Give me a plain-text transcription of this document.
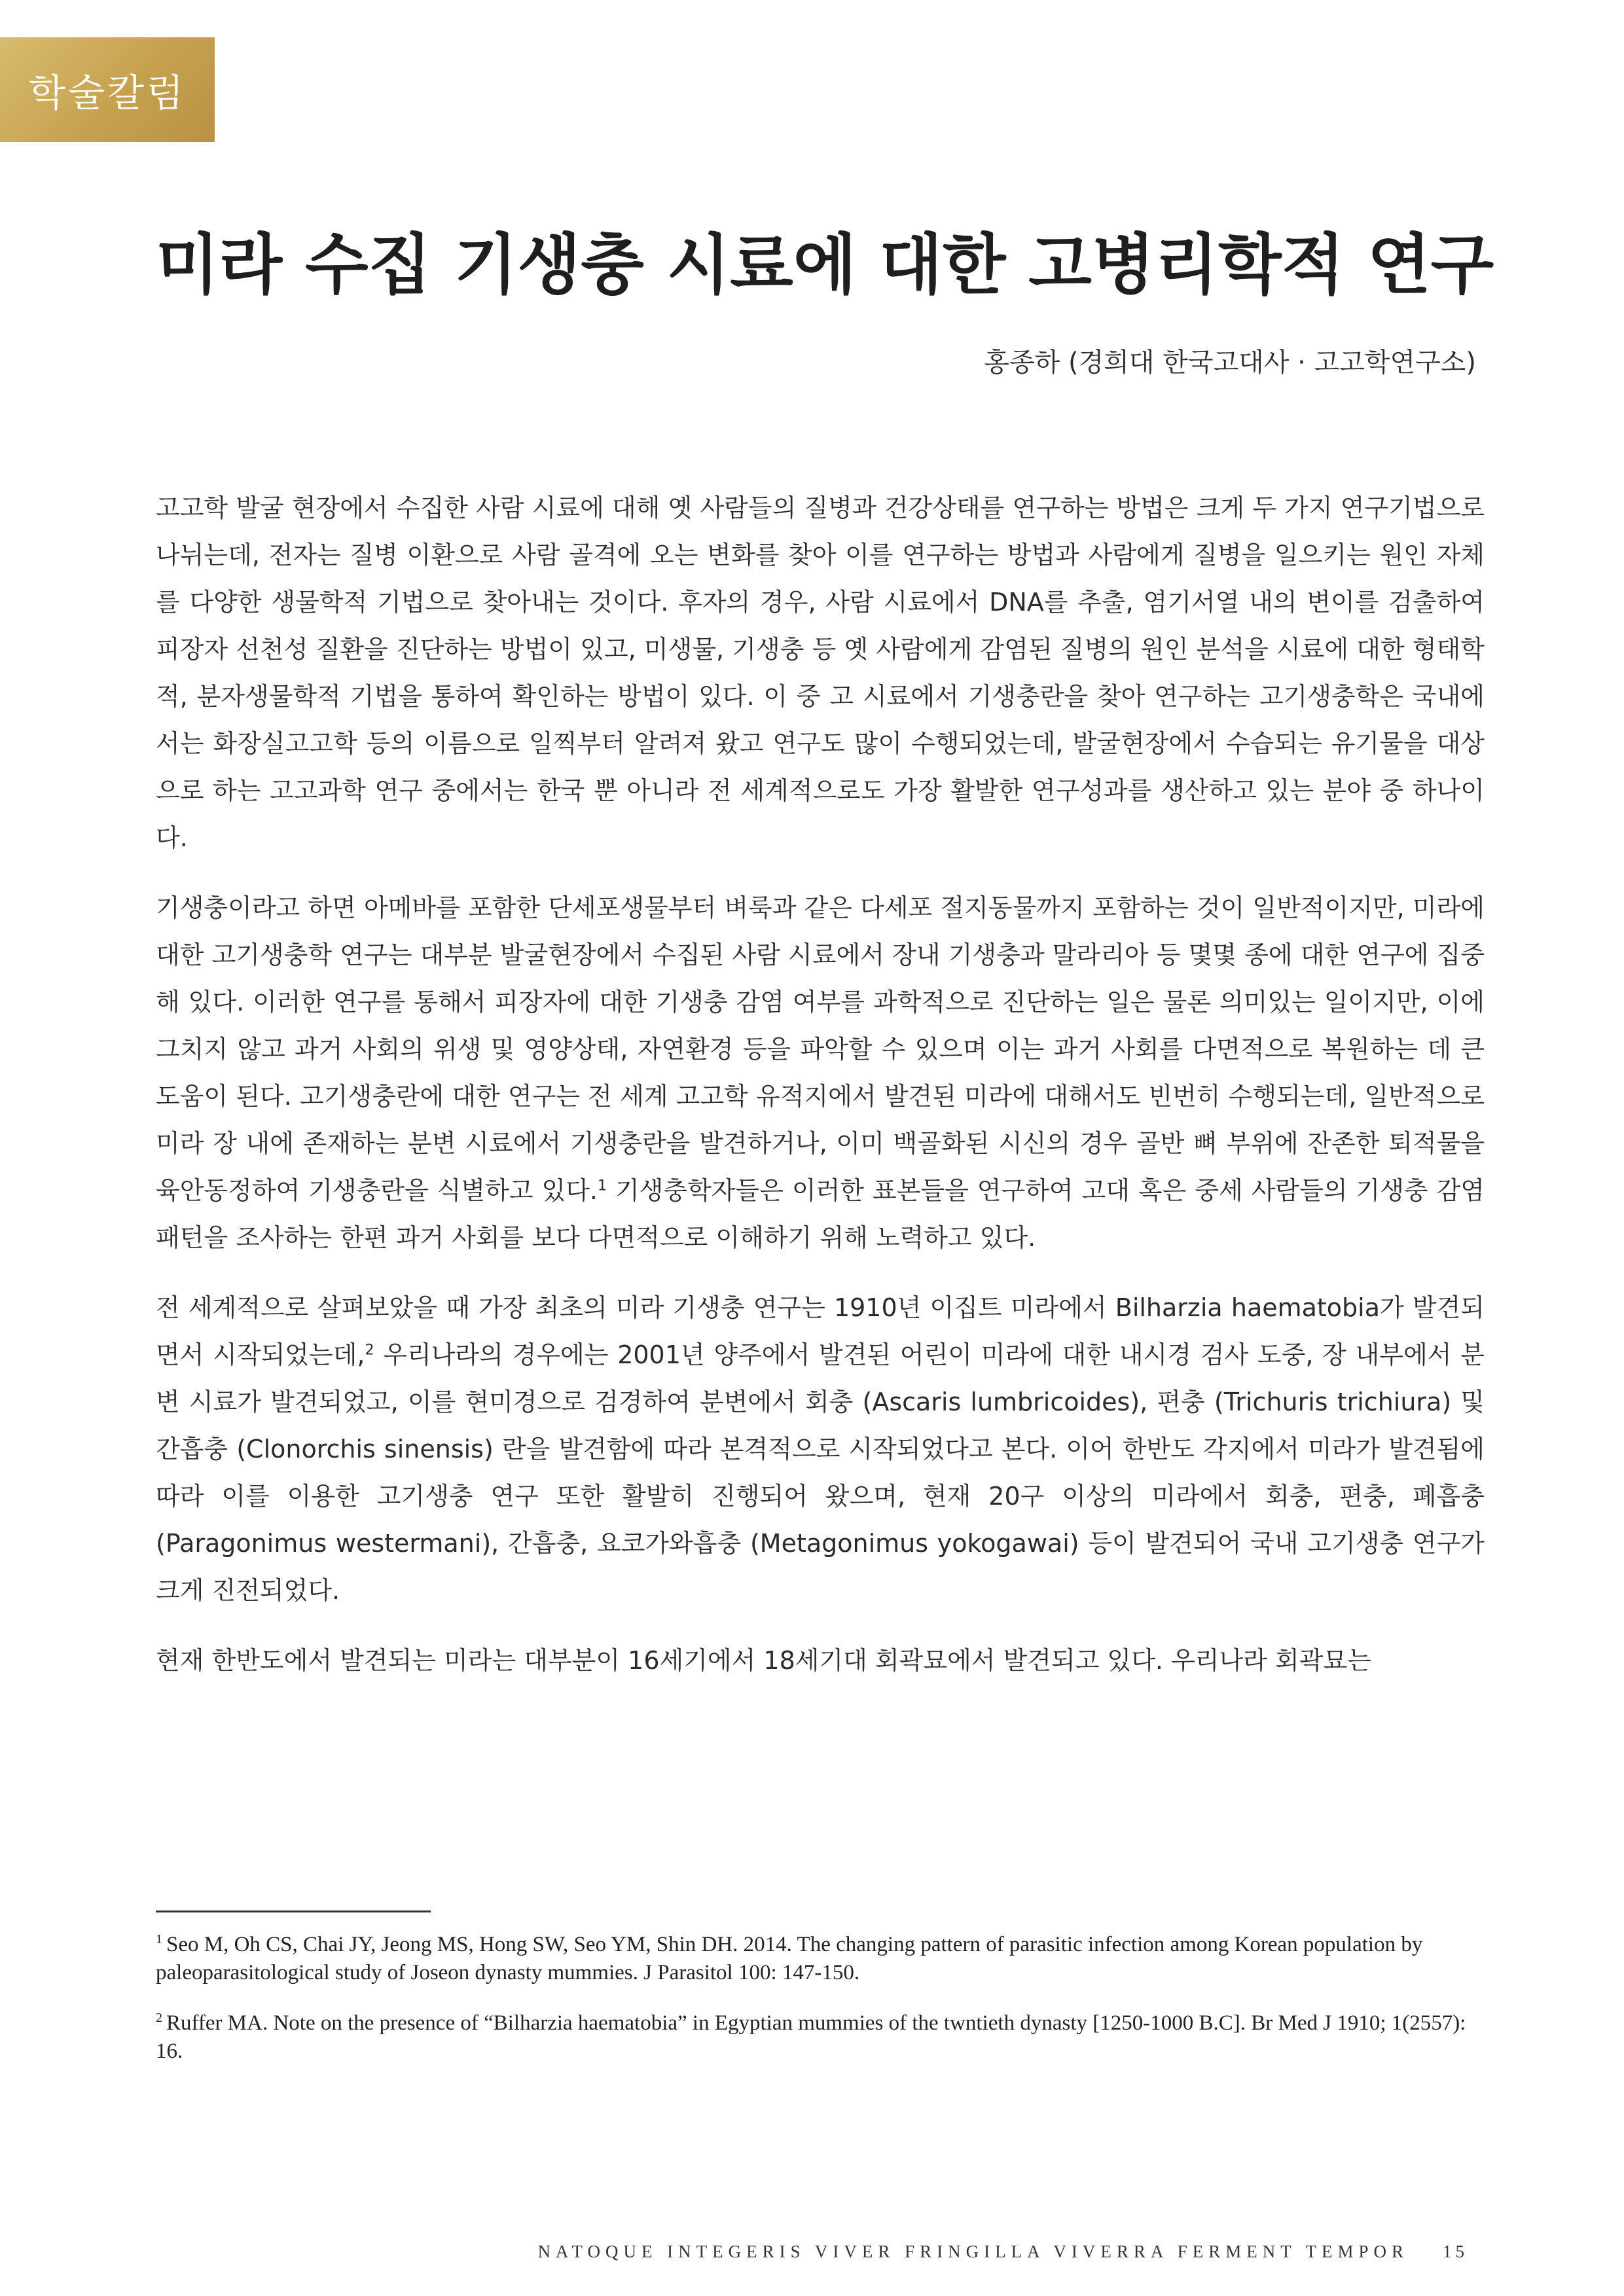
학술칼럼
미라 수집 기생충 시료에 대한 고병리학적 연구
홍종하 (경희대 한국고대사 · 고고학연구소)

고고학 발굴 현장에서 수집한 사람 시료에 대해 옛 사람들의 질병과 건강상태를 연구하는 방법은 크게 두 가지 연구기법으로 나뉘는데, 전자는 질병 이환으로 사람 골격에 오는 변화를 찾아 이를 연구하는 방법과 사람에게 질병을 일으키는 원인 자체를 다양한 생물학적 기법으로 찾아내는 것이다. 후자의 경우, 사람 시료에서 DNA를 추출, 염기서열 내의 변이를 검출하여 피장자 선천성 질환을 진단하는 방법이 있고, 미생물, 기생충 등 옛 사람에게 감염된 질병의 원인 분석을 시료에 대한 형태학적, 분자생물학적 기법을 통하여 확인하는 방법이 있다. 이 중 고 시료에서 기생충란을 찾아 연구하는 고기생충학은 국내에서는 화장실고고학 등의 이름으로 일찍부터 알려져 왔고 연구도 많이 수행되었는데, 발굴현장에서 수습되는 유기물을 대상으로 하는 고고과학 연구 중에서는 한국 뿐 아니라 전 세계적으로도 가장 활발한 연구성과를 생산하고 있는 분야 중 하나이다.

기생충이라고 하면 아메바를 포함한 단세포생물부터 벼룩과 같은 다세포 절지동물까지 포함하는 것이 일반적이지만, 미라에 대한 고기생충학 연구는 대부분 발굴현장에서 수집된 사람 시료에서 장내 기생충과 말라리아 등 몇몇 종에 대한 연구에 집중해 있다. 이러한 연구를 통해서 피장자에 대한 기생충 감염 여부를 과학적으로 진단하는 일은 물론 의미있는 일이지만, 이에 그치지 않고 과거 사회의 위생 및 영양상태, 자연환경 등을 파악할 수 있으며 이는 과거 사회를 다면적으로 복원하는 데 큰 도움이 된다. 고기생충란에 대한 연구는 전 세계 고고학 유적지에서 발견된 미라에 대해서도 빈번히 수행되는데, 일반적으로 미라 장 내에 존재하는 분변 시료에서 기생충란을 발견하거나, 이미 백골화된 시신의 경우 골반 뼈 부위에 잔존한 퇴적물을 육안동정하여 기생충란을 식별하고 있다.$^1$ 기생충학자들은 이러한 표본들을 연구하여 고대 혹은 중세 사람들의 기생충 감염 패턴을 조사하는 한편 과거 사회를 보다 다면적으로 이해하기 위해 노력하고 있다.

전 세계적으로 살펴보았을 때 가장 최초의 미라 기생충 연구는 1910년 이집트 미라에서 Bilharzia haematobia가 발견되면서 시작되었는데,$^2$ 우리나라의 경우에는 2001년 양주에서 발견된 어린이 미라에 대한 내시경 검사 도중, 장 내부에서 분변 시료가 발견되었고, 이를 현미경으로 검경하여 분변에서 회충 (Ascaris lumbricoides), 편충 (Trichuris trichiura) 및 간흡충 (Clonorchis sinensis) 란을 발견함에 따라 본격적으로 시작되었다고 본다. 이어 한반도 각지에서 미라가 발견됨에 따라 이를 이용한 고기생충 연구 또한 활발히 진행되어 왔으며, 현재 20구 이상의 미라에서 회충, 편충, 폐흡충 (Paragonimus westermani), 간흡충, 요코가와흡충 (Metagonimus yokogawai) 등이 발견되어 국내 고기생충 연구가 크게 진전되었다.

현재 한반도에서 발견되는 미라는 대부분이 16세기에서 18세기대 회곽묘에서 발견되고 있다. 우리나라 회곽묘는

$^1$ Seo M, Oh CS, Chai JY, Jeong MS, Hong SW, Seo YM, Shin DH. 2014. The changing pattern of parasitic infection among Korean population by paleoparasitological study of Joseon dynasty mummies. J Parasitol 100: 147-150.

$^2$ Ruffer MA. Note on the presence of “Bilharzia haematobia” in Egyptian mummies of the twntieth dynasty [1250-1000 B.C]. Br Med J 1910; 1(2557): 16.

NATOQUE INTEGERIS VIVER FRINGILLA VIVERRA FERMENT TEMPOR 15
